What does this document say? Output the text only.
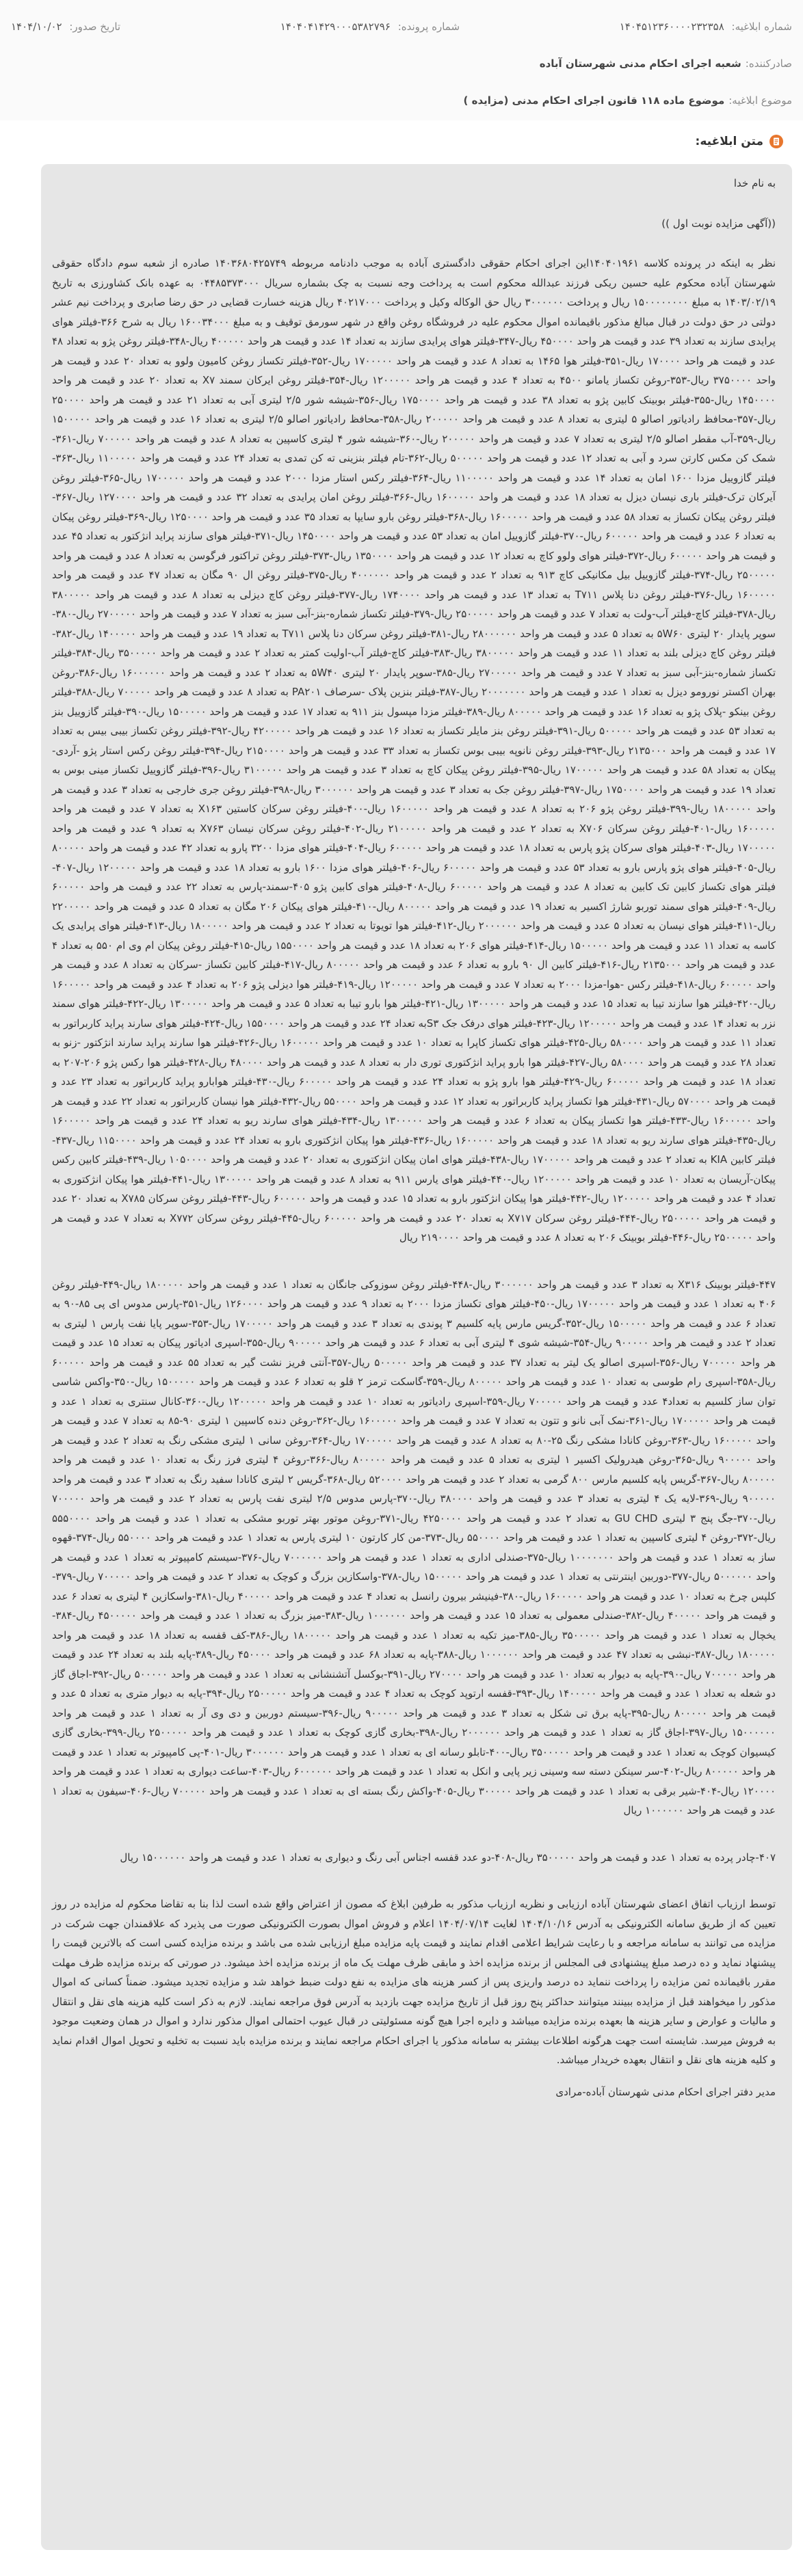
شماره ابلاغیه: ۱۴۰۴۵۱۲۳۶۰۰۰۰۲۳۲۳۵۸
شماره پرونده: ۱۴۰۴۰۴۱۴۲۹۰۰۰۵۳۸۲۷۹۶
تاریخ صدور: ۱۴۰۴/۱۰/۰۲
صادرکننده:
شعبه اجرای احکام مدنی شهرستان آباده
موضوع ابلاغیه:
موضوع ماده ۱۱۸ قانون اجرای احکام مدنی (مزایده )
متن ابلاغیه:

به نام خدا

((آگهی مزایده نوبت اول ))

نظر به اینکه در پرونده کلاسه ۱۴۰۴۰۱۹۶۱این اجرای احکام حقوقی دادگستری آباده به موجب دادنامه مربوطه ۱۴۰۳۶۸۰۴۲۵۷۴۹ صادره از شعبه سوم دادگاه حقوقی شهرستان آباده محکوم علیه حسین ریکی فرزند عبدالله محکوم است به پرداخت وجه نسبت به چک بشماره سریال ۰۴۴۸۵۳۷۳۰۰۰ به عهده بانک کشاورزی به تاریخ ۱۴۰۳/۰۲/۱۹ به مبلغ ۱۵۰۰۰۰۰۰۰۰ ریال و پرداخت ۳۰۰۰۰۰۰ ریال حق الوکاله وکیل و پرداخت ۴۰۲۱۷۰۰۰ ریال هزینه خسارت قضایی در حق رضا صابری و پرداخت نیم عشر دولتی در حق دولت در قبال مبالغ مذکور باقیمانده اموال محکوم علیه در فروشگاه روغن واقع در شهر سورمق توقیف و به مبلغ ۱۶۰۰۳۴۰۰۰ ریال به شرح ۳۶۶-فیلتر هوای پرایدی سازند به تعداد ۳۹ عدد و قیمت هر واحد ۴۵۰۰۰۰ ریال-۳۴۷-فیلتر هوای پرایدی سازند به تعداد ۱۴ عدد و قیمت هر واحد ۴۰۰۰۰۰ ریال-۳۴۸-فیلتر روغن پژو به تعداد ۴۸ عدد و قیمت هر واحد ۱۷۰۰۰۰ ریال-۳۵۱-فیلتر هوا ۱۴۶۵ به تعداد ۸ عدد و قیمت هر واحد ۱۷۰۰۰۰۰ ریال-۳۵۲-فیلتر تکساز روغن کامیون ولوو به تعداد ۲۰ عدد و قیمت هر واحد ۳۷۵۰۰۰۰ ریال-۳۵۳-روغن تکساز یامانو ۴۵۰۰ به تعداد ۴ عدد و قیمت هر واحد ۱۲۰۰۰۰۰ ریال-۳۵۴-فیلتر روغن ایرکان سمند X۷ به تعداد ۲۰ عدد و قیمت هر واحد ۱۴۵۰۰۰۰ ریال-۳۵۵-فیلتر بوبینک کابین پژو به تعداد ۳۸ عدد و قیمت هر واحد ۱۷۵۰۰۰۰ ریال-۳۵۶-شیشه شور ۲/۵ لیتری آبی به تعداد ۲۱ عدد و قیمت هر واحد ۲۵۰۰۰۰ ریال-۳۵۷-محافظ رادیاتور اصالو ۵ لیتری به تعداد ۸ عدد و قیمت هر واحد ۲۰۰۰۰۰ ریال-۳۵۸-محافظ رادیاتور اصالو ۲/۵ لیتری به تعداد ۱۶ عدد و قیمت هر واحد ۱۵۰۰۰۰۰ ریال-۳۵۹-آب مقطر اصالو ۲/۵ لیتری به تعداد ۷ عدد و قیمت هر واحد ۲۰۰۰۰۰ ریال-۳۶۰-شیشه شور ۴ لیتری کاسپین به تعداد ۸ عدد و قیمت هر واحد ۷۰۰۰۰۰ ریال-۳۶۱-شمک کن مکس کارتن سرد و آبی به تعداد ۱۲ عدد و قیمت هر واحد ۵۰۰۰۰۰ ریال-۳۶۲-تام فیلتر بنزینی ته کن تمدی به تعداد ۲۴ عدد و قیمت هر واحد ۱۱۰۰۰۰۰ ریال-۳۶۳-فیلتر گازوییل مزدا ۱۶۰۰ امان به تعداد ۱۴ عدد و قیمت هر واحد ۱۱۰۰۰۰۰ ریال-۳۶۴-فیلتر رکس استار مزدا ۲۰۰۰ عدد و قیمت هر واحد ۱۷۰۰۰۰۰ ریال-۳۶۵-فیلتر روغن آیرکان ترک-فیلتر باری نیسان دیزل به تعداد ۱۸ عدد و قیمت هر واحد ۱۶۰۰۰۰۰ ریال-۳۶۶-فیلتر روغن امان پرایدی به تعداد ۳۲ عدد و قیمت هر واحد ۱۲۷۰۰۰۰ ریال-۳۶۷-فیلتر روغن پیکان تکساز به تعداد ۵۸ عدد و قیمت هر واحد ۱۶۰۰۰۰۰ ریال-۳۶۸-فیلتر روغن بارو سایپا به تعداد ۳۵ عدد و قیمت هر واحد ۱۲۵۰۰۰۰ ریال-۳۶۹-فیلتر روغن پیکان به تعداد ۶ عدد و قیمت هر واحد ۶۰۰۰۰۰ ریال-۳۷۰-فیلتر گازوییل امان به تعداد ۵۳ عدد و قیمت هر واحد ۱۴۵۰۰۰۰ ریال-۳۷۱-فیلتر هوای سازند پراید انژکتور به تعداد ۴۵ عدد و قیمت هر واحد ۶۰۰۰۰۰ ریال-۳۷۲-فیلتر هوای ولوو کاچ به تعداد ۱۲ عدد و قیمت هر واحد ۱۳۵۰۰۰۰ ریال-۳۷۳-فیلتر روغن تراکتور فرگوسن به تعداد ۸ عدد و قیمت هر واحد ۲۵۰۰۰۰۰ ریال-۳۷۴-فیلتر گازوییل بیل مکانیکی کاچ ۹۱۳ به تعداد ۲ عدد و قیمت هر واحد ۴۰۰۰۰۰۰ ریال-۳۷۵-فیلتر روغن ال ۹۰ مگان به تعداد ۴۷ عدد و قیمت هر واحد ۱۶۰۰۰۰۰ ریال-۳۷۶-فیلتر روغن دنا پلاس T۷۱۱ به تعداد ۱۳ عدد و قیمت هر واحد ۱۷۴۰۰۰۰ ریال-۳۷۷-فیلتر روغن کاچ دیزلی به تعداد ۸ عدد و قیمت هر واحد ۳۸۰۰۰۰۰ ریال-۳۷۸-فیلتر کاچ-فیلتر آب-ولت به تعداد ۷ عدد و قیمت هر واحد ۲۵۰۰۰۰۰ ریال-۳۷۹-فیلتر تکساز شماره-بنز-آبی سبز به تعداد ۷ عدد و قیمت هر واحد ۲۷۰۰۰۰۰ ریال-۳۸۰-سوپر پایدار ۲۰ لیتری ۵W۶۰ به تعداد ۵ عدد و قیمت هر واحد ۲۸۰۰۰۰۰۰ ریال-۳۸۱-فیلتر روغن سرکان دنا پلاس T۷۱۱ به تعداد ۱۹ عدد و قیمت هر واحد ۱۴۰۰۰۰۰ ریال-۳۸۲-فیلتر روغن کاچ دیزلی بلند به تعداد ۱۱ عدد و قیمت هر واحد ۳۸۰۰۰۰۰ ریال-۳۸۳-فیلتر کاچ-فیلتر آب-اولیت کمتر به تعداد ۲ عدد و قیمت هر واحد ۳۵۰۰۰۰۰ ریال-۳۸۴-فیلتر تکساز شماره-بنز-آبی سبز به تعداد ۷ عدد و قیمت هر واحد ۲۷۰۰۰۰۰ ریال-۳۸۵-سوپر پایدار ۲۰ لیتری ۵W۴۰ به تعداد ۲ عدد و قیمت هر واحد ۱۶۰۰۰۰۰۰ ریال-۳۸۶-روغن بهران اکستر نورومو دیزل به تعداد ۱ عدد و قیمت هر واحد ۲۰۰۰۰۰۰۰ ریال-۳۸۷-فیلتر بنزین پلاک -سرصاف PA۲۰۱ به تعداد ۸ عدد و قیمت هر واحد ۷۰۰۰۰۰ ریال-۳۸۸-فیلتر روغن بینکو -پلاک پژو به تعداد ۱۶ عدد و قیمت هر واحد ۸۰۰۰۰۰ ریال-۳۸۹-فیلتر مزدا مپسول بنز ۹۱۱ به تعداد ۱۷ عدد و قیمت هر واحد ۱۵۰۰۰۰۰ ریال-۳۹۰-فیلتر گازوییل بنز به تعداد ۵۳ عدد و قیمت هر واحد ۵۰۰۰۰۰ ریال-۳۹۱-فیلتر روغن بنز مایلر تکساز به تعداد ۱۶ عدد و قیمت هر واحد ۴۲۰۰۰۰۰ ریال-۳۹۲-فیلتر روغن تکساز بیبی بیس به تعداد ۱۷ عدد و قیمت هر واحد ۲۱۳۵۰۰۰ ریال-۳۹۳-فیلتر روغن نانوپه بیبی بوس تکساز به تعداد ۳۳ عدد و قیمت هر واحد ۲۱۵۰۰۰۰ ریال-۳۹۴-فیلتر روغن رکس استار پژو -آردی-پیکان به تعداد ۵۸ عدد و قیمت هر واحد ۱۷۰۰۰۰۰ ریال-۳۹۵-فیلتر روغن پیکان کاچ به تعداد ۳ عدد و قیمت هر واحد ۳۱۰۰۰۰۰ ریال-۳۹۶-فیلتر گازوییل تکساز مینی بوس به تعداد ۱۹ عدد و قیمت هر واحد ۱۷۵۰۰۰۰ ریال-۳۹۷-فیلتر روغن جک به تعداد ۳ عدد و قیمت هر واحد ۳۰۰۰۰۰۰ ریال-۳۹۸-فیلتر روغن جری خارجی به تعداد ۳ عدد و قیمت هر واحد ۱۸۰۰۰۰۰ ریال-۳۹۹-فیلتر روغن پژو ۲۰۶ به تعداد ۸ عدد و قیمت هر واحد ۱۶۰۰۰۰۰ ریال-۴۰۰-فیلتر روغن سرکان کاستین X۱۶۳ به تعداد ۷ عدد و قیمت هر واحد ۱۶۰۰۰۰۰ ریال-۴۰۱-فیلتر روغن سرکان X۷۰۶ به تعداد ۲ عدد و قیمت هر واحد ۲۱۰۰۰۰۰ ریال-۴۰۲-فیلتر روغن سرکان نیسان X۷۶۳ به تعداد ۹ عدد و قیمت هر واحد ۱۷۰۰۰۰۰ ریال-۴۰۳-فیلتر هوای سرکان پژو پارس به تعداد ۱۸ عدد و قیمت هر واحد ۶۰۰۰۰۰ ریال-۴۰۴-فیلتر هوای مزدا ۳۲۰۰ پارو به تعداد ۴۲ عدد و قیمت هر واحد ۸۰۰۰۰۰ ریال-۴۰۵-فیلتر هوای پژو پارس بارو به تعداد ۵۳ عدد و قیمت هر واحد ۶۰۰۰۰۰ ریال-۴۰۶-فیلتر هوای مزدا ۱۶۰۰ بارو به تعداد ۱۸ عدد و قیمت هر واحد ۱۲۰۰۰۰۰ ریال-۴۰۷-فیلتر هوای تکساز کابین تک کابین به تعداد ۸ عدد و قیمت هر واحد ۶۰۰۰۰۰ ریال-۴۰۸-فیلتر هوای کابین پژو ۴۰۵-سمند-پارس به تعداد ۲۲ عدد و قیمت هر واحد ۶۰۰۰۰۰ ریال-۴۰۹-فیلتر هوای سمند توربو شارژ اکسیر به تعداد ۱۹ عدد و قیمت هر واحد ۸۰۰۰۰۰ ریال-۴۱۰-فیلتر هوای پیکان ۲۰۶ مگان به تعداد ۵ عدد و قیمت هر واحد ۲۲۰۰۰۰۰ ریال-۴۱۱-فیلتر هوای نیسان به تعداد ۵ عدد و قیمت هر واحد ۲۰۰۰۰۰۰ ریال-۴۱۲-فیلتر هوا تویوتا به تعداد ۲ عدد و قیمت هر واحد ۱۸۰۰۰۰۰ ریال-۴۱۳-فیلتر هوای پرایدی یک کاسه به تعداد ۱۱ عدد و قیمت هر واحد ۱۵۰۰۰۰۰ ریال-۴۱۴-فیلتر هوای ۲۰۶ به تعداد ۱۸ عدد و قیمت هر واحد ۱۵۵۰۰۰۰ ریال-۴۱۵-فیلتر روغن پیکان ام وی ام ۵۵۰ به تعداد ۴ عدد و قیمت هر واحد ۲۱۳۵۰۰۰ ریال-۴۱۶-فیلتر کابین ال ۹۰ بارو به تعداد ۶ عدد و قیمت هر واحد ۸۰۰۰۰۰ ریال-۴۱۷-فیلتر کابین تکساز -سرکان به تعداد ۸ عدد و قیمت هر واحد ۶۰۰۰۰۰ ریال-۴۱۸-فیلتر رکس -هوا-مزدا ۲۰۰۰ به تعداد ۷ عدد و قیمت هر واحد ۱۲۰۰۰۰۰ ریال-۴۱۹-فیلتر هوا دیزلی پژو ۲۰۶ به تعداد ۴ عدد و قیمت هر واحد ۱۶۰۰۰۰۰ ریال-۴۲۰-فیلتر هوا سازند تیبا به تعداد ۱۵ عدد و قیمت هر واحد ۱۳۰۰۰۰۰ ریال-۴۲۱-فیلتر هوا بارو تیبا به تعداد ۵ عدد و قیمت هر واحد ۱۳۰۰۰۰۰ ریال-۴۲۲-فیلتر هوای سمند نزر به تعداد ۱۴ عدد و قیمت هر واحد ۱۲۰۰۰۰۰ ریال-۴۲۳-فیلتر هوای درفک جک S۳به تعداد ۲۴ عدد و قیمت هر واحد ۱۵۵۰۰۰۰ ریال-۴۲۴-فیلتر هوای سارند پراید کاربراتور به تعداد ۱۱ عدد و قیمت هر واحد ۵۸۰۰۰۰ ریال-۴۲۵-فیلتر هوای تکساز کاپرا به تعداد ۱۰ عدد و قیمت هر واحد ۱۶۰۰۰۰۰ ریال-۴۲۶-فیلتر هوا سارند پراید سارند انژکتور -زنو به تعداد ۲۸ عدد و قیمت هر واحد ۵۸۰۰۰۰ ریال-۴۲۷-فیلتر هوا بارو پراید انژکتوری توری دار به تعداد ۸ عدد و قیمت هر واحد ۴۸۰۰۰۰ ریال-۴۲۸-فیلتر هوا رکس پژو ۲۰۶-۲۰۷ به تعداد ۱۸ عدد و قیمت هر واحد ۶۰۰۰۰۰ ریال-۴۲۹-فیلتر هوا بارو پژو به تعداد ۲۴ عدد و قیمت هر واحد ۶۰۰۰۰۰ ریال-۴۳۰-فیلتر هوابارو پراید کاربراتور به تعداد ۲۳ عدد و قیمت هر واحد ۵۷۰۰۰۰ ریال-۴۳۱-فیلتر هوا تکساز پراید کاربراتور به تعداد ۱۲ عدد و قیمت هر واحد ۵۵۰۰۰۰ ریال-۴۳۲-فیلتر هوا نیسان کاربراتور به تعداد ۲۲ عدد و قیمت هر واحد ۱۶۰۰۰۰۰ ریال-۴۳۳-فیلتر هوا تکساز پیکان به تعداد ۶ عدد و قیمت هر واحد ۱۳۰۰۰۰۰ ریال-۴۳۴-فیلتر هوای سارند ریو به تعداد ۲۴ عدد و قیمت هر واحد ۱۶۰۰۰۰۰ ریال-۴۳۵-فیلتر هوای سارند ریو به تعداد ۱۸ عدد و قیمت هر واحد ۱۶۰۰۰۰۰ ریال-۴۳۶-فیلتر هوا پیکان انژکتوری بارو به تعداد ۲۴ عدد و قیمت هر واحد ۱۱۵۰۰۰۰ ریال-۴۳۷-فیلتر کابین KIA به تعداد ۲ عدد و قیمت هر واحد ۱۷۰۰۰۰۰ ریال-۴۳۸-فیلتر هوای امان پیکان انژکتوری به تعداد ۲۰ عدد و قیمت هر واحد ۱۰۵۰۰۰۰ ریال-۴۳۹-فیلتر کابین رکس پیکان-آریسان به تعداد ۱۰ عدد و قیمت هر واحد ۱۲۰۰۰۰۰ ریال-۴۴۰-فیلتر هوای یارس ۹۱۱ به تعداد ۸ عدد و قیمت هر واحد ۱۳۰۰۰۰۰ ریال-۴۴۱-فیلتر هوا پیکان انژکتوری به تعداد ۴ عدد و قیمت هر واحد ۱۲۰۰۰۰۰ ریال-۴۴۲-فیلتر هوا پیکان انژکتور بارو به تعداد ۱۵ عدد و قیمت هر واحد ۶۰۰۰۰۰ ریال-۴۴۳-فیلتر روغن سرکان X۷۸۵ به تعداد ۲۰ عدد و قیمت هر واحد ۲۵۰۰۰۰۰ ریال-۴۴۴-فیلتر روغن سرکان X۷۱۷ به تعداد ۲۰ عدد و قیمت هر واحد ۶۰۰۰۰۰ ریال-۴۴۵-فیلتر روغن سرکان X۷۷۲ به تعداد ۷ عدد و قیمت هر واحد ۲۵۰۰۰۰۰ ریال-۴۴۶-فیلتر بوبینک ۲۰۶ به تعداد ۸ عدد و قیمت هر واحد ۲۱۹۰۰۰۰ ریال

۴۴۷-فیلتر بوبینک X۳۱۶ به تعداد ۳ عدد و قیمت هر واحد ۳۰۰۰۰۰۰ ریال-۴۴۸-فیلتر روغن سوزوکی جانگان به تعداد ۱ عدد و قیمت هر واحد ۱۸۰۰۰۰۰ ریال-۴۴۹-فیلتر روغن ۴۰۶ به تعداد ۱ عدد و قیمت هر واحد ۱۷۰۰۰۰۰ ریال-۴۵۰-فیلتر هوای تکساز مزدا ۲۰۰۰ به تعداد ۹ عدد و قیمت هر واحد ۱۲۶۰۰۰۰ ریال-۳۵۱-پارس مدوس ای پی ۸۵-۹۰ به تعداد ۶ عدد و قیمت هر واحد ۱۵۰۰۰۰۰ ریال-۳۵۲-گریس مارس پایه کلسیم ۳ پوندی به تعداد ۳ عدد و قیمت هر واحد ۱۷۰۰۰۰۰ ریال-۳۵۳-سوپر پایا نفت پارس ۱ لیتری به تعداد ۲ عدد و قیمت هر واحد ۹۰۰۰۰۰ ریال-۳۵۴-شیشه شوی ۴ لیتری آبی به تعداد ۶ عدد و قیمت هر واحد ۹۰۰۰۰۰ ریال-۳۵۵-اسپری ادیاتور پیکان به تعداد ۱۵ عدد و قیمت هر واحد ۷۰۰۰۰۰ ریال-۳۵۶-اسپری اصالو یک لیتر به تعداد ۳۷ عدد و قیمت هر واحد ۵۰۰۰۰۰ ریال-۳۵۷-آنتی فریز نشت گیر به تعداد ۵۵ عدد و قیمت هر واحد ۶۰۰۰۰۰ ریال-۳۵۸-اسپری رام طوسی به تعداد ۱۰ عدد و قیمت هر واحد ۸۰۰۰۰۰ ریال-۳۵۹-گاسکت ترمز ۲ قلو به تعداد ۶ عدد و قیمت هر واحد ۱۵۰۰۰۰۰ ریال-۳۵۰-واکس شاسی توان ساز کلسیم به تعداد۴ عدد و قیمت هر واحد ۷۰۰۰۰۰ ریال-۳۵۹-اسپری رادیاتور به تعداد ۱۰ عدد و قیمت هر واحد ۱۲۰۰۰۰۰ ریال-۳۶۰-کانال سنتری به تعداد ۱ عدد و قیمت هر واحد ۱۷۰۰۰۰۰ ریال-۳۶۱-نمک آبی نانو و تتون به تعداد ۷ عدد و قیمت هر واحد ۱۶۰۰۰۰۰ ریال-۳۶۲-روغن دنده کاسپین ۱ لیتری ۹۰-۸۵ به تعداد ۷ عدد و قیمت هر واحد ۱۶۰۰۰۰۰ ریال-۳۶۳-روغن کانادا مشکی رنگ ۲۵-۸۰ به تعداد ۸ عدد و قیمت هر واحد ۱۷۰۰۰۰۰ ریال-۳۶۴-روغن سانی ۱ لیتری مشکی رنگ به تعداد ۲ عدد و قیمت هر واحد ۹۰۰۰۰۰ ریال-۳۶۵-روغن هیدرولیک اکسیر ۱ لیتری به تعداد ۵ عدد و قیمت هر واحد ۸۰۰۰۰۰ ریال-۳۶۶-روغن ۴ لیتری فرز رنگ به تعداد ۱۰ عدد و قیمت هر واحد ۸۰۰۰۰۰ ریال-۳۶۷-گریس پایه کلسیم مارس ۸۰۰ گرمی به تعداد ۲ عدد و قیمت هر واحد ۵۲۰۰۰۰ ریال-۳۶۸-گریس ۲ لیتری کانادا سفید رنگ به تعداد ۳ عدد و قیمت هر واحد ۹۰۰۰۰۰ ریال-۳۶۹-لایه یک ۴ لیتری به تعداد ۳ عدد و قیمت هر واحد ۳۸۰۰۰۰ ریال-۳۷۰-پارس مدوس ۲/۵ لیتری نفت پارس به تعداد ۲ عدد و قیمت هر واحد ۷۰۰۰۰۰ ریال-۳۷۰-جگ پنج ۳ لیتری GU CHD به تعداد ۲ عدد و قیمت هر واحد ۴۲۵۰۰۰۰ ریال-۳۷۱-روغن موتور بهتر توربو مشکی به تعداد ۱ عدد و قیمت هر واحد ۵۵۵۰۰۰۰ ریال-۳۷۲-روغن ۴ لیتری کاسپین به تعداد ۱ عدد و قیمت هر واحد ۵۵۰۰۰۰ ریال-۳۷۳-من کار کارتون ۱۰ لیتری پارس به تعداد ۱ عدد و قیمت هر واحد ۵۵۰۰۰۰ ریال-۳۷۴-قهوه ساز به تعداد ۱ عدد و قیمت هر واحد ۱۰۰۰۰۰۰۰ ریال-۳۷۵-صندلی اداری به تعداد ۱ عدد و قیمت هر واحد ۷۰۰۰۰۰۰ ریال-۳۷۶-سیستم کامپیوتر به تعداد ۱ عدد و قیمت هر واحد ۵۰۰۰۰۰۰ ریال-۳۷۷-دوربین اینترنتی به تعداد ۱ عدد و قیمت هر واحد ۱۵۰۰۰۰۰ ریال-۳۷۸-واسکازین بزرگ و کوچک به تعداد ۲ عدد و قیمت هر واحد ۷۰۰۰۰۰ ریال-۳۷۹-کلپس چرخ به تعداد ۱۰ عدد و قیمت هر واحد ۱۶۰۰۰۰۰ ریال-۳۸۰-فینیشر بیرون رانسل به تعداد ۴ عدد و قیمت هر واحد ۴۰۰۰۰۰ ریال-۳۸۱-واسکازین ۴ لیتری به تعداد ۶ عدد و قیمت هر واحد ۴۰۰۰۰۰ ریال-۳۸۲-صندلی معمولی به تعداد ۱۵ عدد و قیمت هر واحد ۱۰۰۰۰۰۰ ریال-۳۸۳-میز بزرگ به تعداد ۱ عدد و قیمت هر واحد ۴۵۰۰۰۰۰ ریال-۳۸۴-یخچال به تعداد ۱ عدد و قیمت هر واحد ۳۵۰۰۰۰۰ ریال-۳۸۵-میز تکیه به تعداد ۱ عدد و قیمت هر واحد ۱۸۰۰۰۰۰ ریال-۳۸۶-کف قفسه به تعداد ۱۸ عدد و قیمت هر واحد ۱۸۰۰۰۰۰ ریال-۳۸۷-نبشی به تعداد ۴۷ عدد و قیمت هر واحد ۱۰۰۰۰۰۰ ریال-۳۸۸-پایه به تعداد ۶۸ عدد و قیمت هر واحد ۴۵۰۰۰۰ ریال-۳۸۹-پایه بلند به تعداد ۲۴ عدد و قیمت هر واحد ۷۰۰۰۰۰ ریال-۳۹۰-پایه به دیوار به تعداد ۱۰ عدد و قیمت هر واحد ۲۷۰۰۰۰ ریال-۳۹۱-بوکسل آتشنشانی به تعداد ۱ عدد و قیمت هر واحد ۵۰۰۰۰۰ ریال-۳۹۲-اجاق گاز دو شعله به تعداد ۱ عدد و قیمت هر واحد ۱۴۰۰۰۰۰ ریال-۳۹۳-قفسه ارتوپد کوچک به تعداد ۴ عدد و قیمت هر واحد ۲۵۰۰۰۰۰ ریال-۳۹۴-پایه به دیوار متری به تعداد ۵ عدد و قیمت هر واحد ۸۰۰۰۰۰ ریال-۳۹۵-پایه برق تی شکل به تعداد ۳ عدد و قیمت هر واحد ۹۰۰۰۰۰ ریال-۳۹۶-سیستم دوربین و دی وی آر به تعداد ۱ عدد و قیمت هر واحد ۱۵۰۰۰۰۰۰ ریال-۳۹۷-اجاق گاز به تعداد ۱ عدد و قیمت هر واحد ۲۰۰۰۰۰۰ ریال-۳۹۸-بخاری گازی کوچک به تعداد ۱ عدد و قیمت هر واحد ۲۵۰۰۰۰۰ ریال-۳۹۹-بخاری گازی کیسیوان کوچک به تعداد ۱ عدد و قیمت هر واحد ۳۵۰۰۰۰۰ ریال-۴۰۰-تابلو رسانه ای به تعداد ۱ عدد و قیمت هر واحد ۳۰۰۰۰۰۰ ریال-۴۰۱-پی کامپیوتر به تعداد ۱ عدد و قیمت هر واحد ۸۰۰۰۰۰ ریال-۴۰۲-سر سینکن دسته سه وسینی زیر پایی و انکل به تعداد ۱ عدد و قیمت هر واحد ۶۰۰۰۰۰۰ ریال-۴۰۳-ساعت دیواری به تعداد ۱ عدد و قیمت هر واحد ۱۲۰۰۰۰ ریال-۴۰۴-شیر برقی به تعداد ۱ عدد و قیمت هر واحد ۳۰۰۰۰۰ ریال-۴۰۵-واکش رنگ بسته ای به تعداد ۱ عدد و قیمت هر واحد ۷۰۰۰۰۰ ریال-۴۰۶-سیفون به تعداد ۱ عدد و قیمت هر واحد ۱۰۰۰۰۰۰ ریال

۴۰۷-چادر پرده به تعداد ۱ عدد و قیمت هر واحد ۳۵۰۰۰۰۰ ریال-۴۰۸-دو عدد قفسه اجناس آبی رنگ و دیواری به تعداد ۱ عدد و قیمت هر واحد ۱۵۰۰۰۰۰۰ ریال

توسط ارزیاب اتفاق اعضای شهرستان آباده ارزیابی و نظریه ارزیاب مذکور به طرفین ابلاغ که مصون از اعتراض واقع شده است لذا بنا به تقاضا محکوم له مزایده در روز تعیین که از طریق سامانه الکترونیکی به آدرس ۱۴۰۴/۱۰/۱۶ لغایت ۱۴۰۴/۰۷/۱۴ اعلام و فروش اموال بصورت الکترونیکی صورت می پذیرد که علاقمندان جهت شرکت در مزایده می توانند به سامانه مراجعه و با رعایت شرایط اعلامی اقدام نمایند و قیمت پایه مزایده مبلغ ارزیابی شده می باشد و برنده مزایده کسی است که بالاترین قیمت را پیشنهاد نماید و ده درصد مبلغ پیشنهادی فی المجلس از برنده مزایده اخذ و مابقی ظرف مهلت یک ماه از برنده مزایده اخذ میشود. در صورتی که برنده مزایده ظرف مهلت مقرر باقیمانده ثمن مزایده را پرداخت ننماید ده درصد واریزی پس از کسر هزینه های مزایده به نفع دولت ضبط خواهد شد و مزایده تجدید میشود. ضمناً کسانی که اموال مذکور را میخواهند قبل از مزایده ببینند میتوانند حداکثر پنج روز قبل از تاریخ مزایده جهت بازدید به آدرس فوق مراجعه نمایند. لازم به ذکر است کلیه هزینه های نقل و انتقال و مالیات و عوارض و سایر هزینه ها بعهده برنده مزایده میباشد و دایره اجرا هیچ گونه مسئولیتی در قبال عیوب احتمالی اموال مذکور ندارد و اموال در همان وضعیت موجود به فروش میرسد. شایسته است جهت هرگونه اطلاعات بیشتر به سامانه مذکور یا اجرای احکام مراجعه نمایند و برنده مزایده باید نسبت به تخلیه و تحویل اموال اقدام نماید و کلیه هزینه های نقل و انتقال بعهده خریدار میباشد.

مدیر دفتر اجرای احکام مدنی شهرستان آباده-مرادی
